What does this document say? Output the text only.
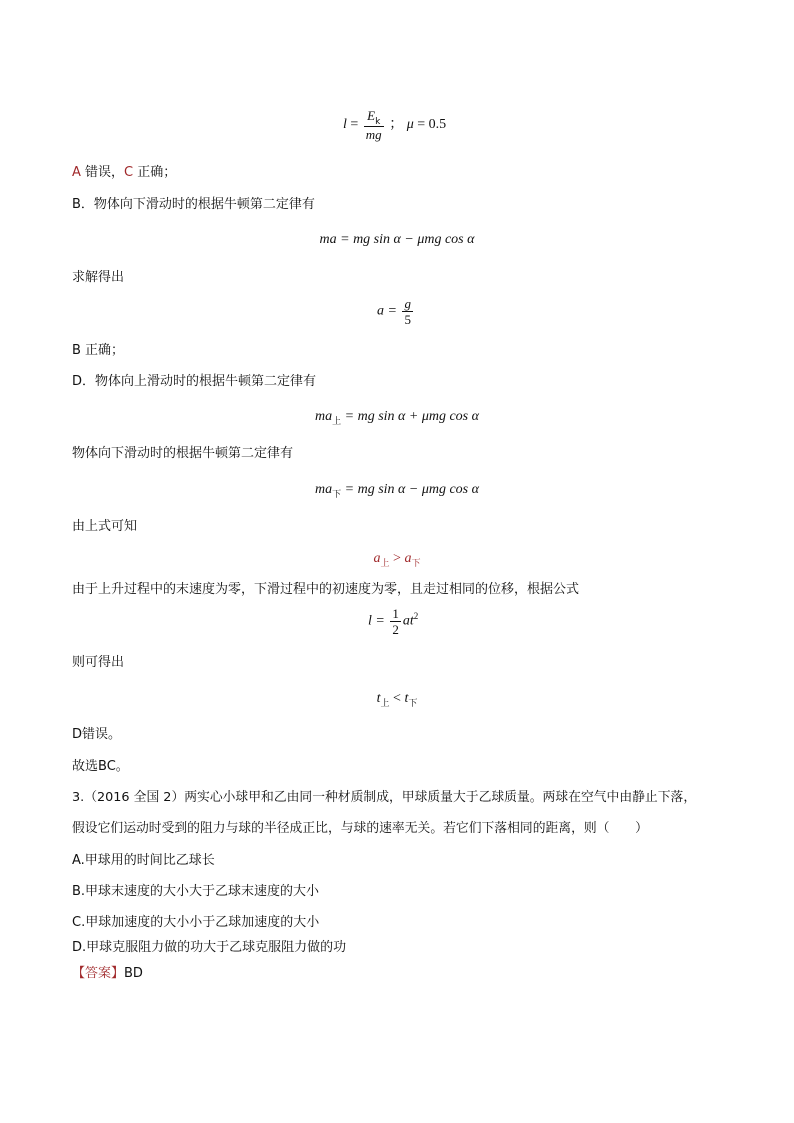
$l = \frac{E_k}{mg}$ ； μ = 0.5
A 错误，C 正确；
B．物体向下滑动时的根据牛顿第二定律有
ma = mg sin α − μmg cos α
求解得出
$a = \frac{g}{5}$
B 正确；
D．物体向上滑动时的根据牛顿第二定律有
$ma_上$ = mg sin α + μmg cos α
物体向下滑动时的根据牛顿第二定律有
$ma_下$ = mg sin α − μmg cos α
由上式可知
$a_上 > a_下$
由于上升过程中的末速度为零，下滑过程中的初速度为零，且走过相同的位移，根据公式
$l = \frac{1}{2} at^2$
则可得出
$t_上 < t_下$
D错误。
故选BC。
3.（2016 全国 2）两实心小球甲和乙由同一种材质制成，甲球质量大于乙球质量。两球在空气中由静止下落，
假设它们运动时受到的阻力与球的半径成正比，与球的速率无关。若它们下落相同的距离，则（　　）
A.甲球用的时间比乙球长
B.甲球末速度的大小大于乙球末速度的大小
C.甲球加速度的大小小于乙球加速度的大小
D.甲球克服阻力做的功大于乙球克服阻力做的功
【答案】BD
